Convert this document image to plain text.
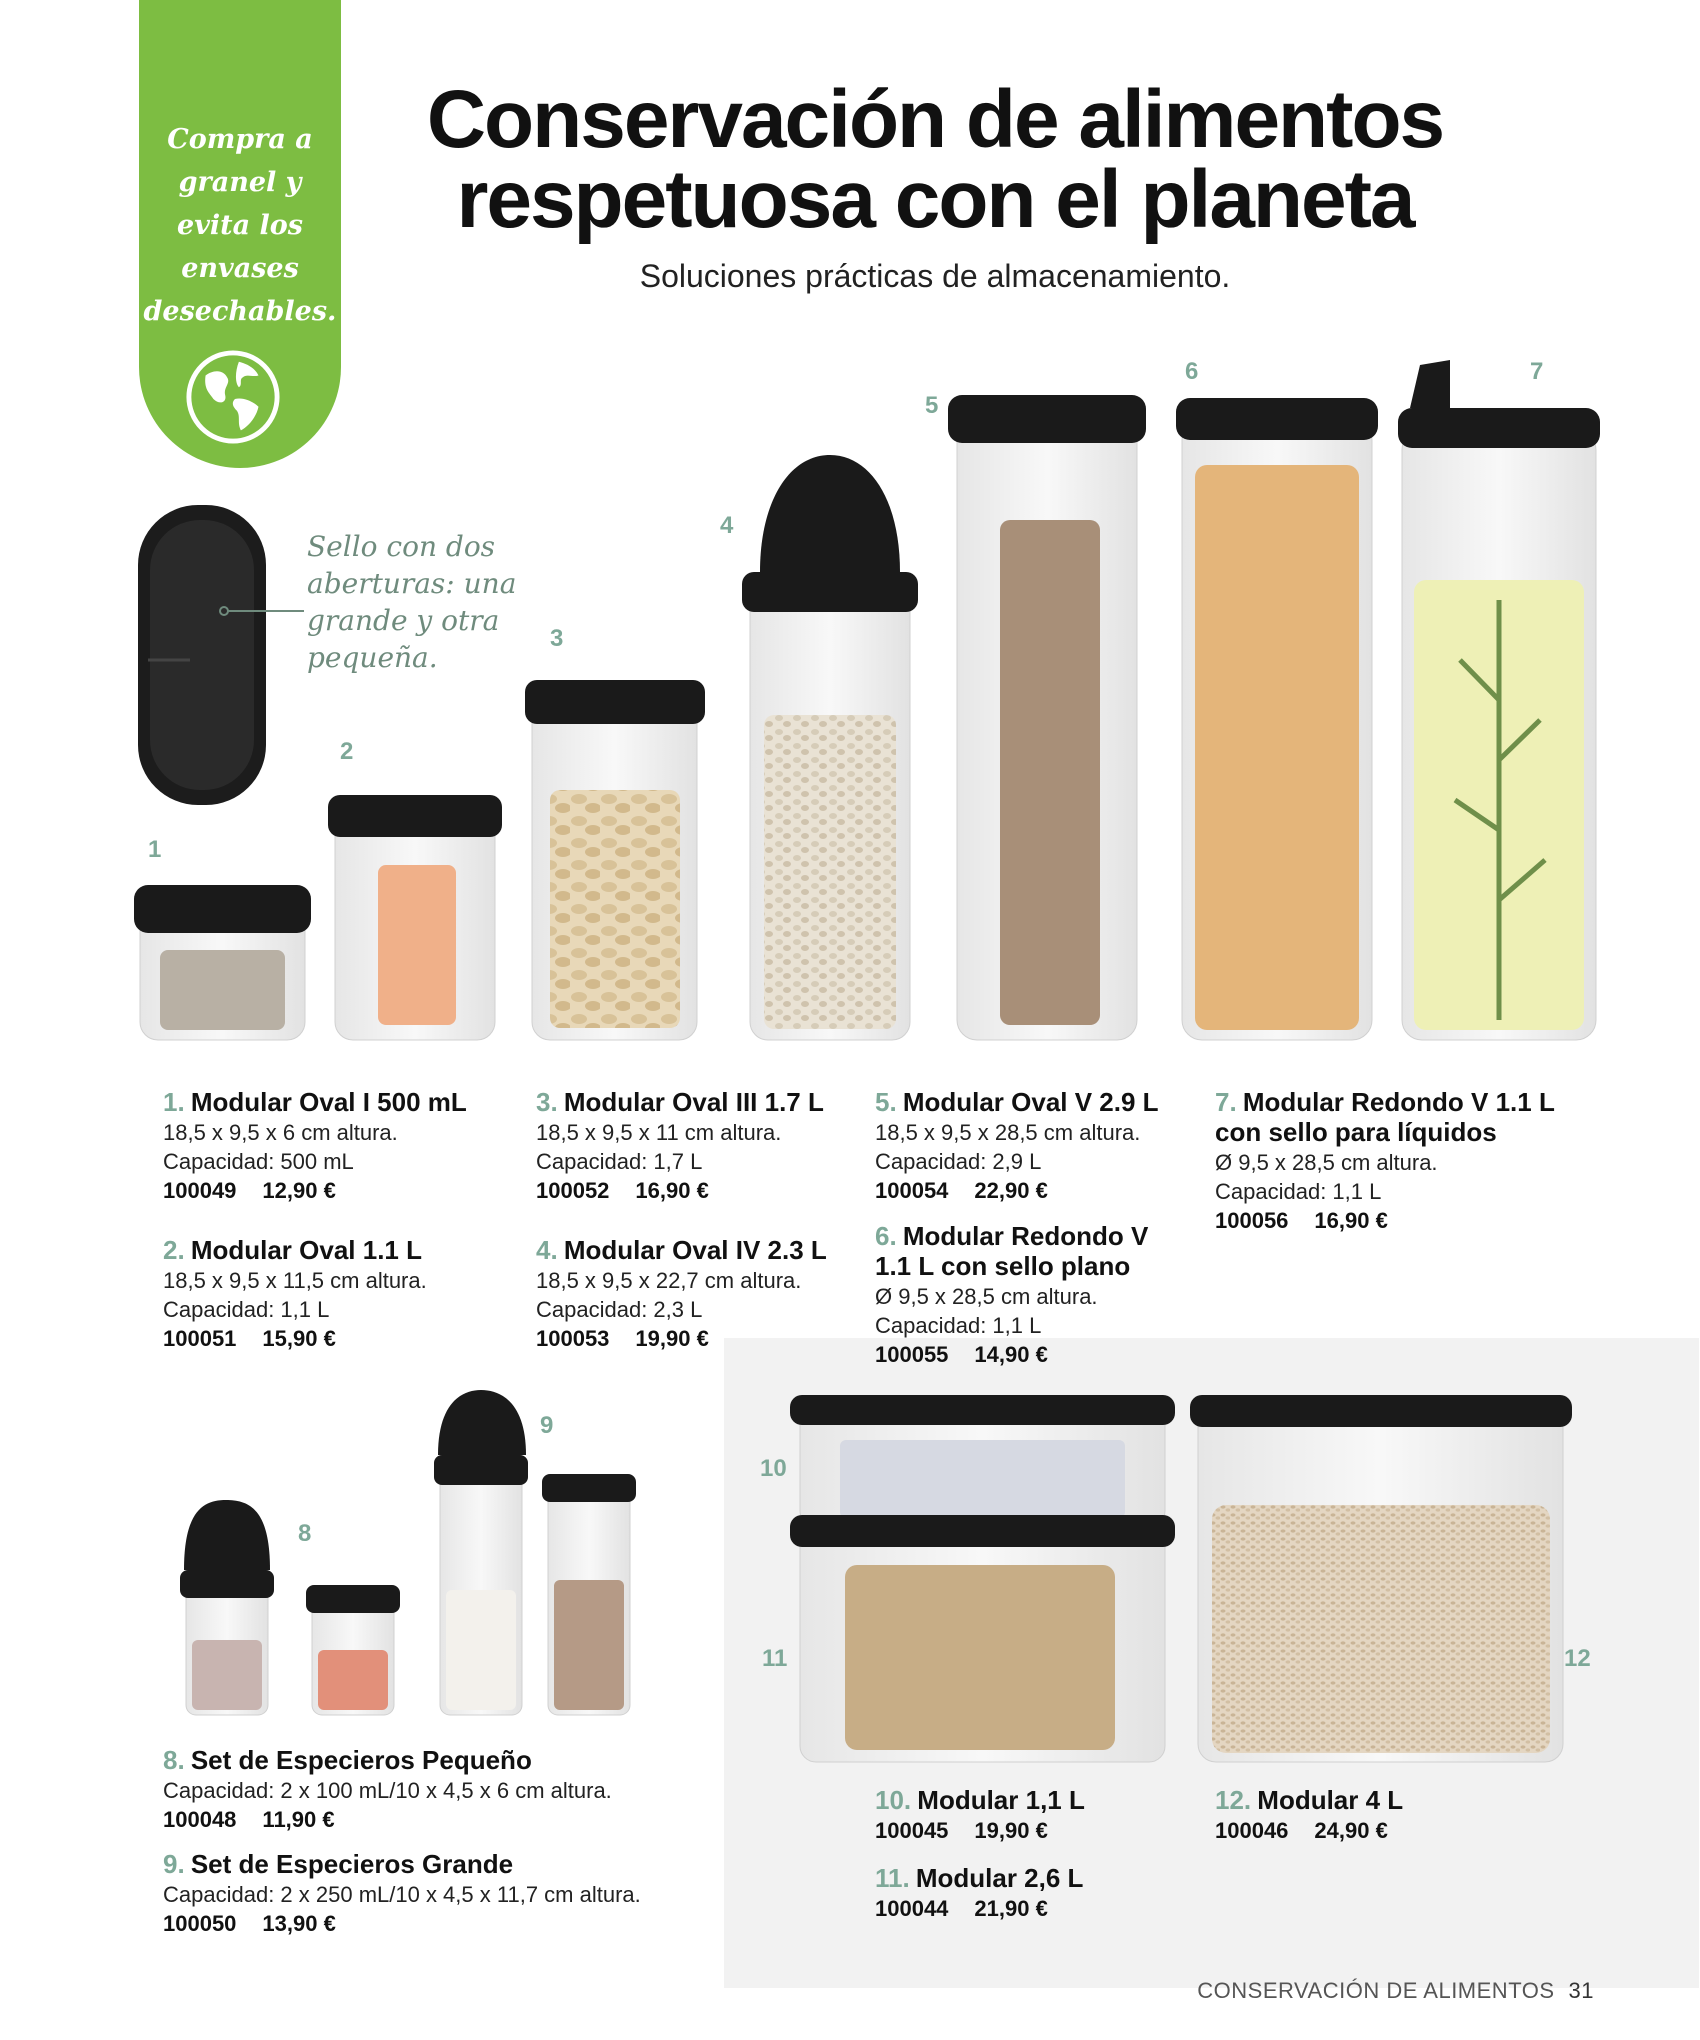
Compra a
granel y
evita los
envases
desechables.
Conservación de alimentos
respetuosa con el planeta
Soluciones prácticas de almacenamiento.
Sello con dos
aberturas: una
grande y otra
pequeña.
1
2
3
4
5
6	7
8
9
10
11	12
1. Modular Oval I 500 mL
18,5 x 9,5 x 6 cm altura.
Capacidad: 500 mL
100049 12,90 €
2. Modular Oval 1.1 L
18,5 x 9,5 x 11,5 cm altura.
Capacidad: 1,1 L
100051 15,90 €
3. Modular Oval III 1.7 L
18,5 x 9,5 x 11 cm altura.
Capacidad: 1,7 L
100052 16,90 €
4. Modular Oval IV 2.3 L
18,5 x 9,5 x 22,7 cm altura.
Capacidad: 2,3 L
100053 19,90 €
5. Modular Oval V 2.9 L
18,5 x 9,5 x 28,5 cm altura.
Capacidad: 2,9 L
100054 22,90 €
6. Modular Redondo V
1.1 L con sello plano
Ø 9,5 x 28,5 cm altura.
Capacidad: 1,1 L
100055 14,90 €
7. Modular Redondo V 1.1 L
con sello para líquidos
Ø 9,5 x 28,5 cm altura.
Capacidad: 1,1 L
100056 16,90 €
8. Set de Especieros Pequeño
Capacidad: 2 x 100 mL/10 x 4,5 x 6 cm altura.
100048 11,90 €
9. Set de Especieros Grande
Capacidad: 2 x 250 mL/10 x 4,5 x 11,7 cm altura.
100050 13,90 €
10. Modular 1,1 L
100045 19,90 €
11. Modular 2,6 L
100044 21,90 €
12. Modular 4 L
100046 24,90 €
CONSERVACIÓN DE ALIMENTOS 31
